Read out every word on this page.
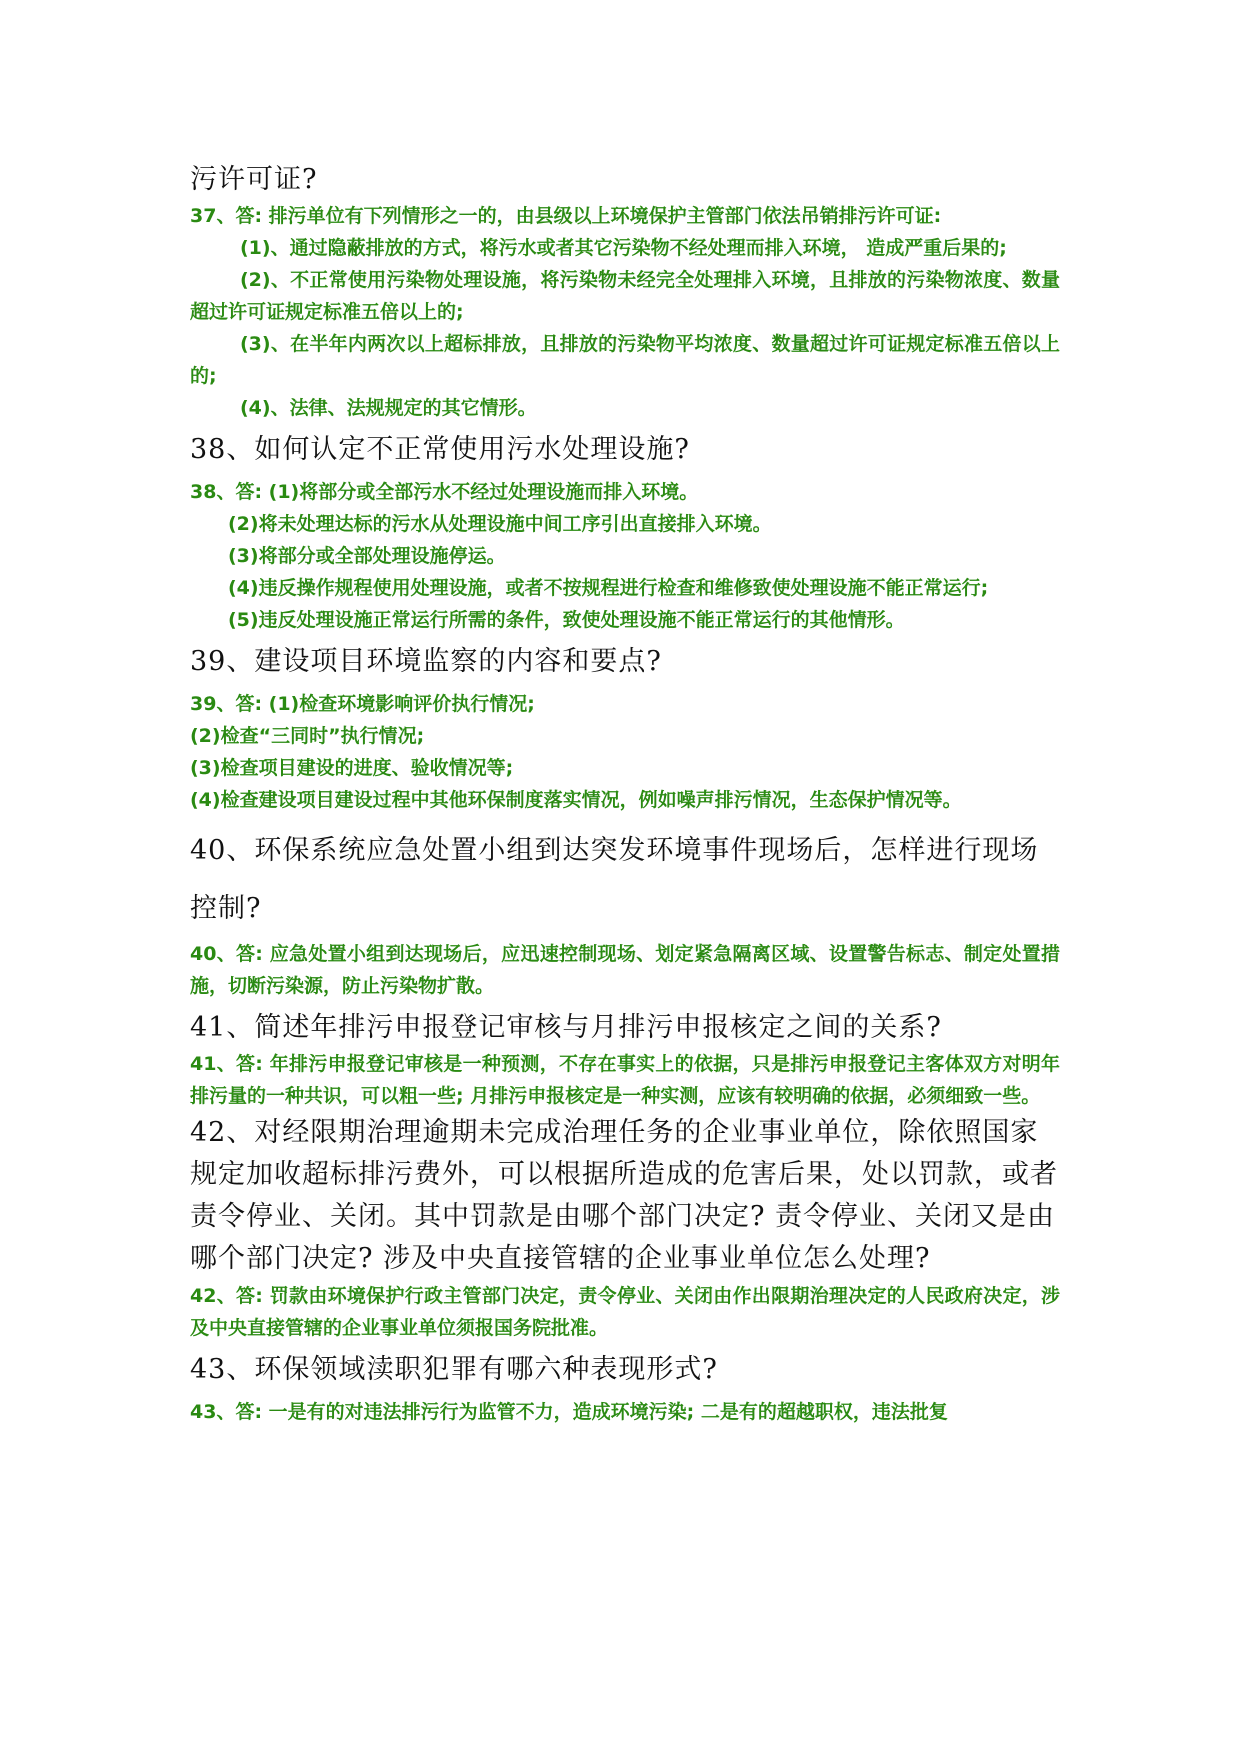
污许可证?

37、答: 排污单位有下列情形之一的，由县级以上环境保护主管部门依法吊销排污许可证:

(1)、通过隐蔽排放的方式，将污水或者其它污染物不经处理而排入环境， 造成严重后果的;

(2)、不正常使用污染物处理设施，将污染物未经完全处理排入环境，且排放的污染物浓度、数量超过许可证规定标准五倍以上的;

(3)、在半年内两次以上超标排放，且排放的污染物平均浓度、数量超过许可证规定标准五倍以上的;

(4)、法律、法规规定的其它情形。

38、如何认定不正常使用污水处理设施?

38、答: (1)将部分或全部污水不经过处理设施而排入环境。

(2)将未处理达标的污水从处理设施中间工序引出直接排入环境。

(3)将部分或全部处理设施停运。

(4)违反操作规程使用处理设施，或者不按规程进行检查和维修致使处理设施不能正常运行;

(5)违反处理设施正常运行所需的条件，致使处理设施不能正常运行的其他情形。

39、建设项目环境监察的内容和要点?

39、答: (1)检查环境影响评价执行情况;

(2)检查“三同时”执行情况;

(3)检查项目建设的进度、验收情况等;

(4)检查建设项目建设过程中其他环保制度落实情况，例如噪声排污情况，生态保护情况等。

40、环保系统应急处置小组到达突发环境事件现场后，怎样进行现场控制?

40、答: 应急处置小组到达现场后，应迅速控制现场、划定紧急隔离区域、设置警告标志、制定处置措施，切断污染源，防止污染物扩散。

41、简述年排污申报登记审核与月排污申报核定之间的关系?

41、答: 年排污申报登记审核是一种预测，不存在事实上的依据，只是排污申报登记主客体双方对明年排污量的一种共识，可以粗一些; 月排污申报核定是一种实测，应该有较明确的依据，必须细致一些。

42、对经限期治理逾期未完成治理任务的企业事业单位，除依照国家规定加收超标排污费外，可以根据所造成的危害后果，处以罚款，或者责令停业、关闭。其中罚款是由哪个部门决定? 责令停业、关闭又是由哪个部门决定? 涉及中央直接管辖的企业事业单位怎么处理?

42、答: 罚款由环境保护行政主管部门决定，责令停业、关闭由作出限期治理决定的人民政府决定，涉及中央直接管辖的企业事业单位须报国务院批准。

43、环保领域渎职犯罪有哪六种表现形式?

43、答: 一是有的对违法排污行为监管不力，造成环境污染; 二是有的超越职权，违法批复
